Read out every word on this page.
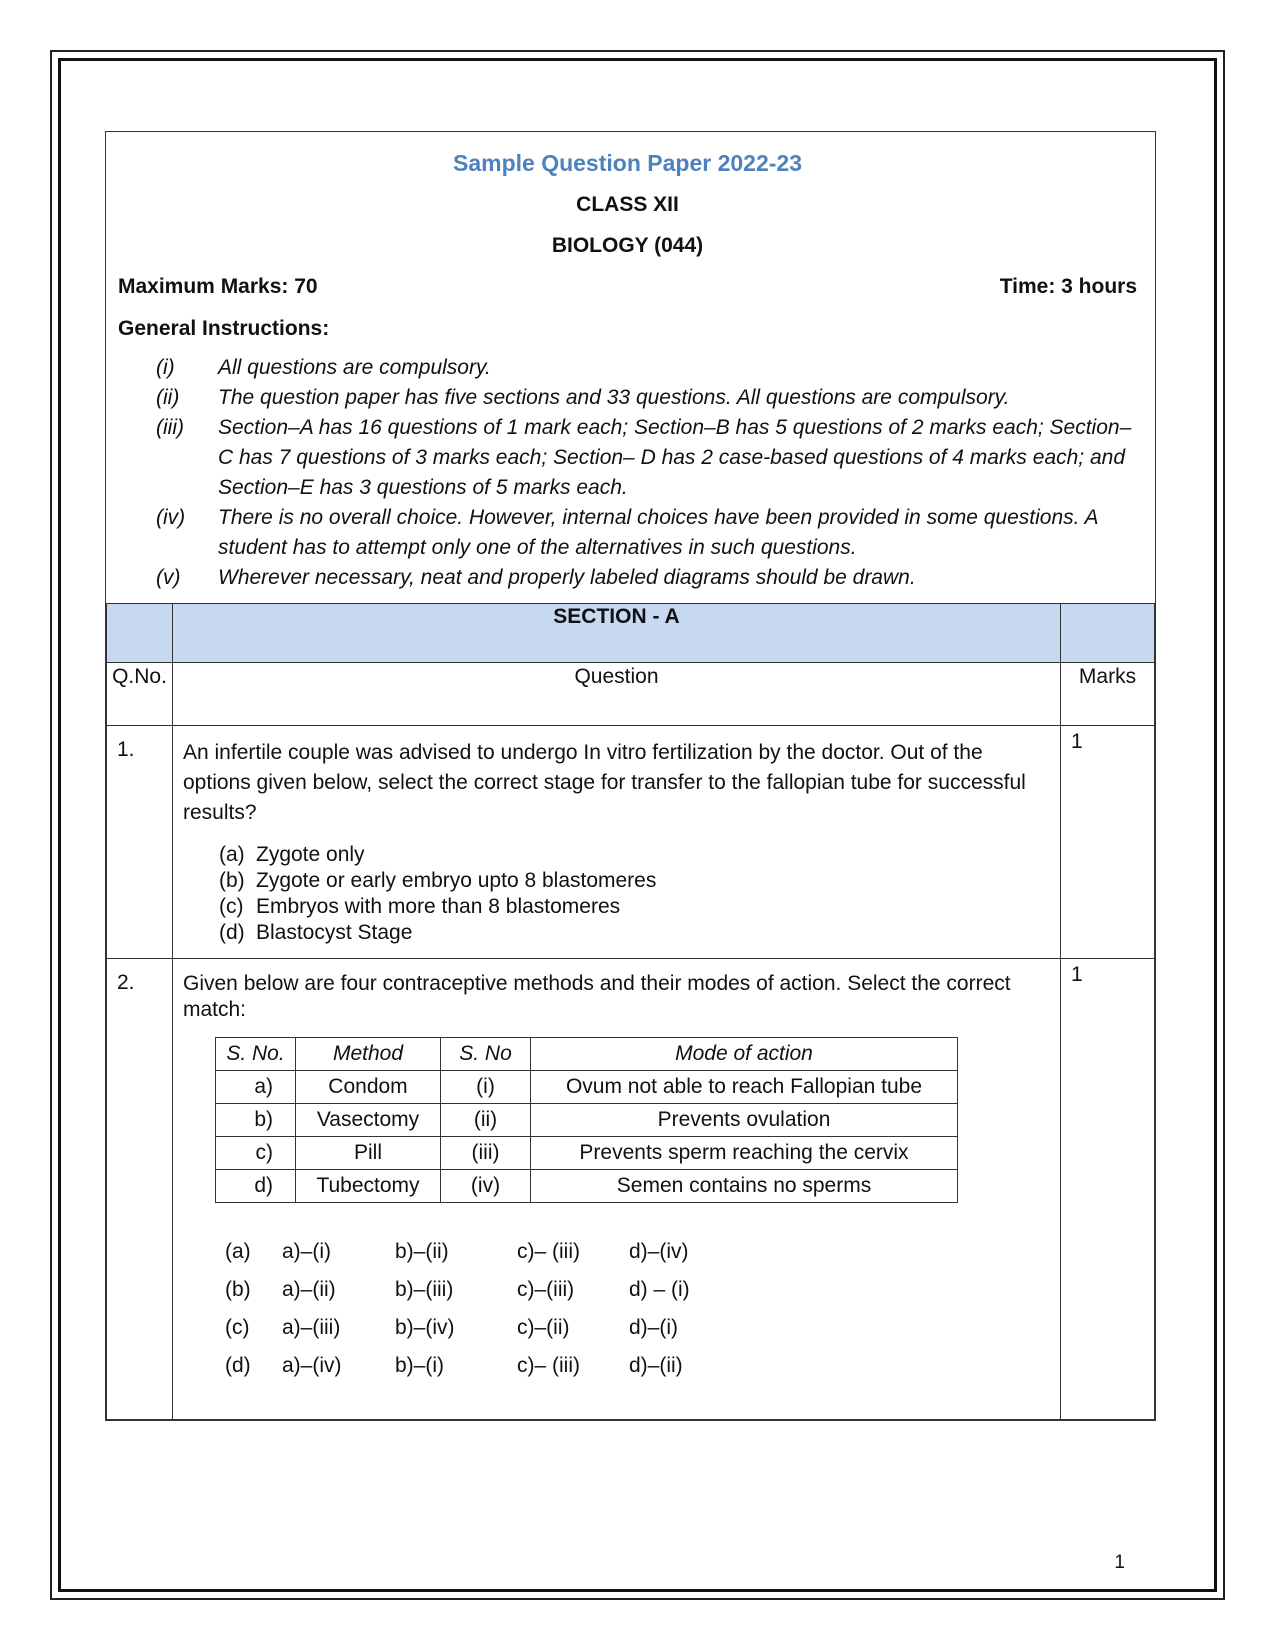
Sample Question Paper 2022-23
CLASS XII
BIOLOGY (044)
Maximum Marks: 70	Time: 3 hours
General Instructions:
(i)	All questions are compulsory.
(ii)	The question paper has five sections and 33 questions. All questions are compulsory.
(iii)	Section–A has 16 questions of 1 mark each; Section–B has 5 questions of 2 marks each; Section– C has 7 questions of 3 marks each; Section– D has 2 case-based questions of 4 marks each; and Section–E has 3 questions of 5 marks each.
(iv)	There is no overall choice. However, internal choices have been provided in some questions. A student has to attempt only one of the alternatives in such questions.
(v)	Wherever necessary, neat and properly labeled diagrams should be drawn.
	SECTION - A	
Q.No.	Question	Marks
1.	An infertile couple was advised to undergo In vitro fertilization by the doctor. Out of the options given below, select the correct stage for transfer to the fallopian tube for successful results?

(a) Zygote only
(b) Zygote or early embryo upto 8 blastomeres
(c) Embryos with more than 8 blastomeres
(d) Blastocyst Stage
	1
2.	Given below are four contraceptive methods and their modes of action. Select the correct match:

S. No.	Method	S. No	Mode of action
a)	Condom	(i)	Ovum not able to reach Fallopian tube
b)	Vasectomy	(ii)	Prevents ovulation
c)	Pill	(iii)	Prevents sperm reaching the cervix
d)	Tubectomy	(iv)	Semen contains no sperms
(a)	a)–(i)	b)–(ii)	c)– (iii)	d)–(iv)
(b)	a)–(ii)	b)–(iii)	c)–(iii)	d) – (i)
(c)	a)–(iii)	b)–(iv)	c)–(ii)	d)–(i)
(d)	a)–(iv)	b)–(i)	c)– (iii)	d)–(ii)
	1
1
